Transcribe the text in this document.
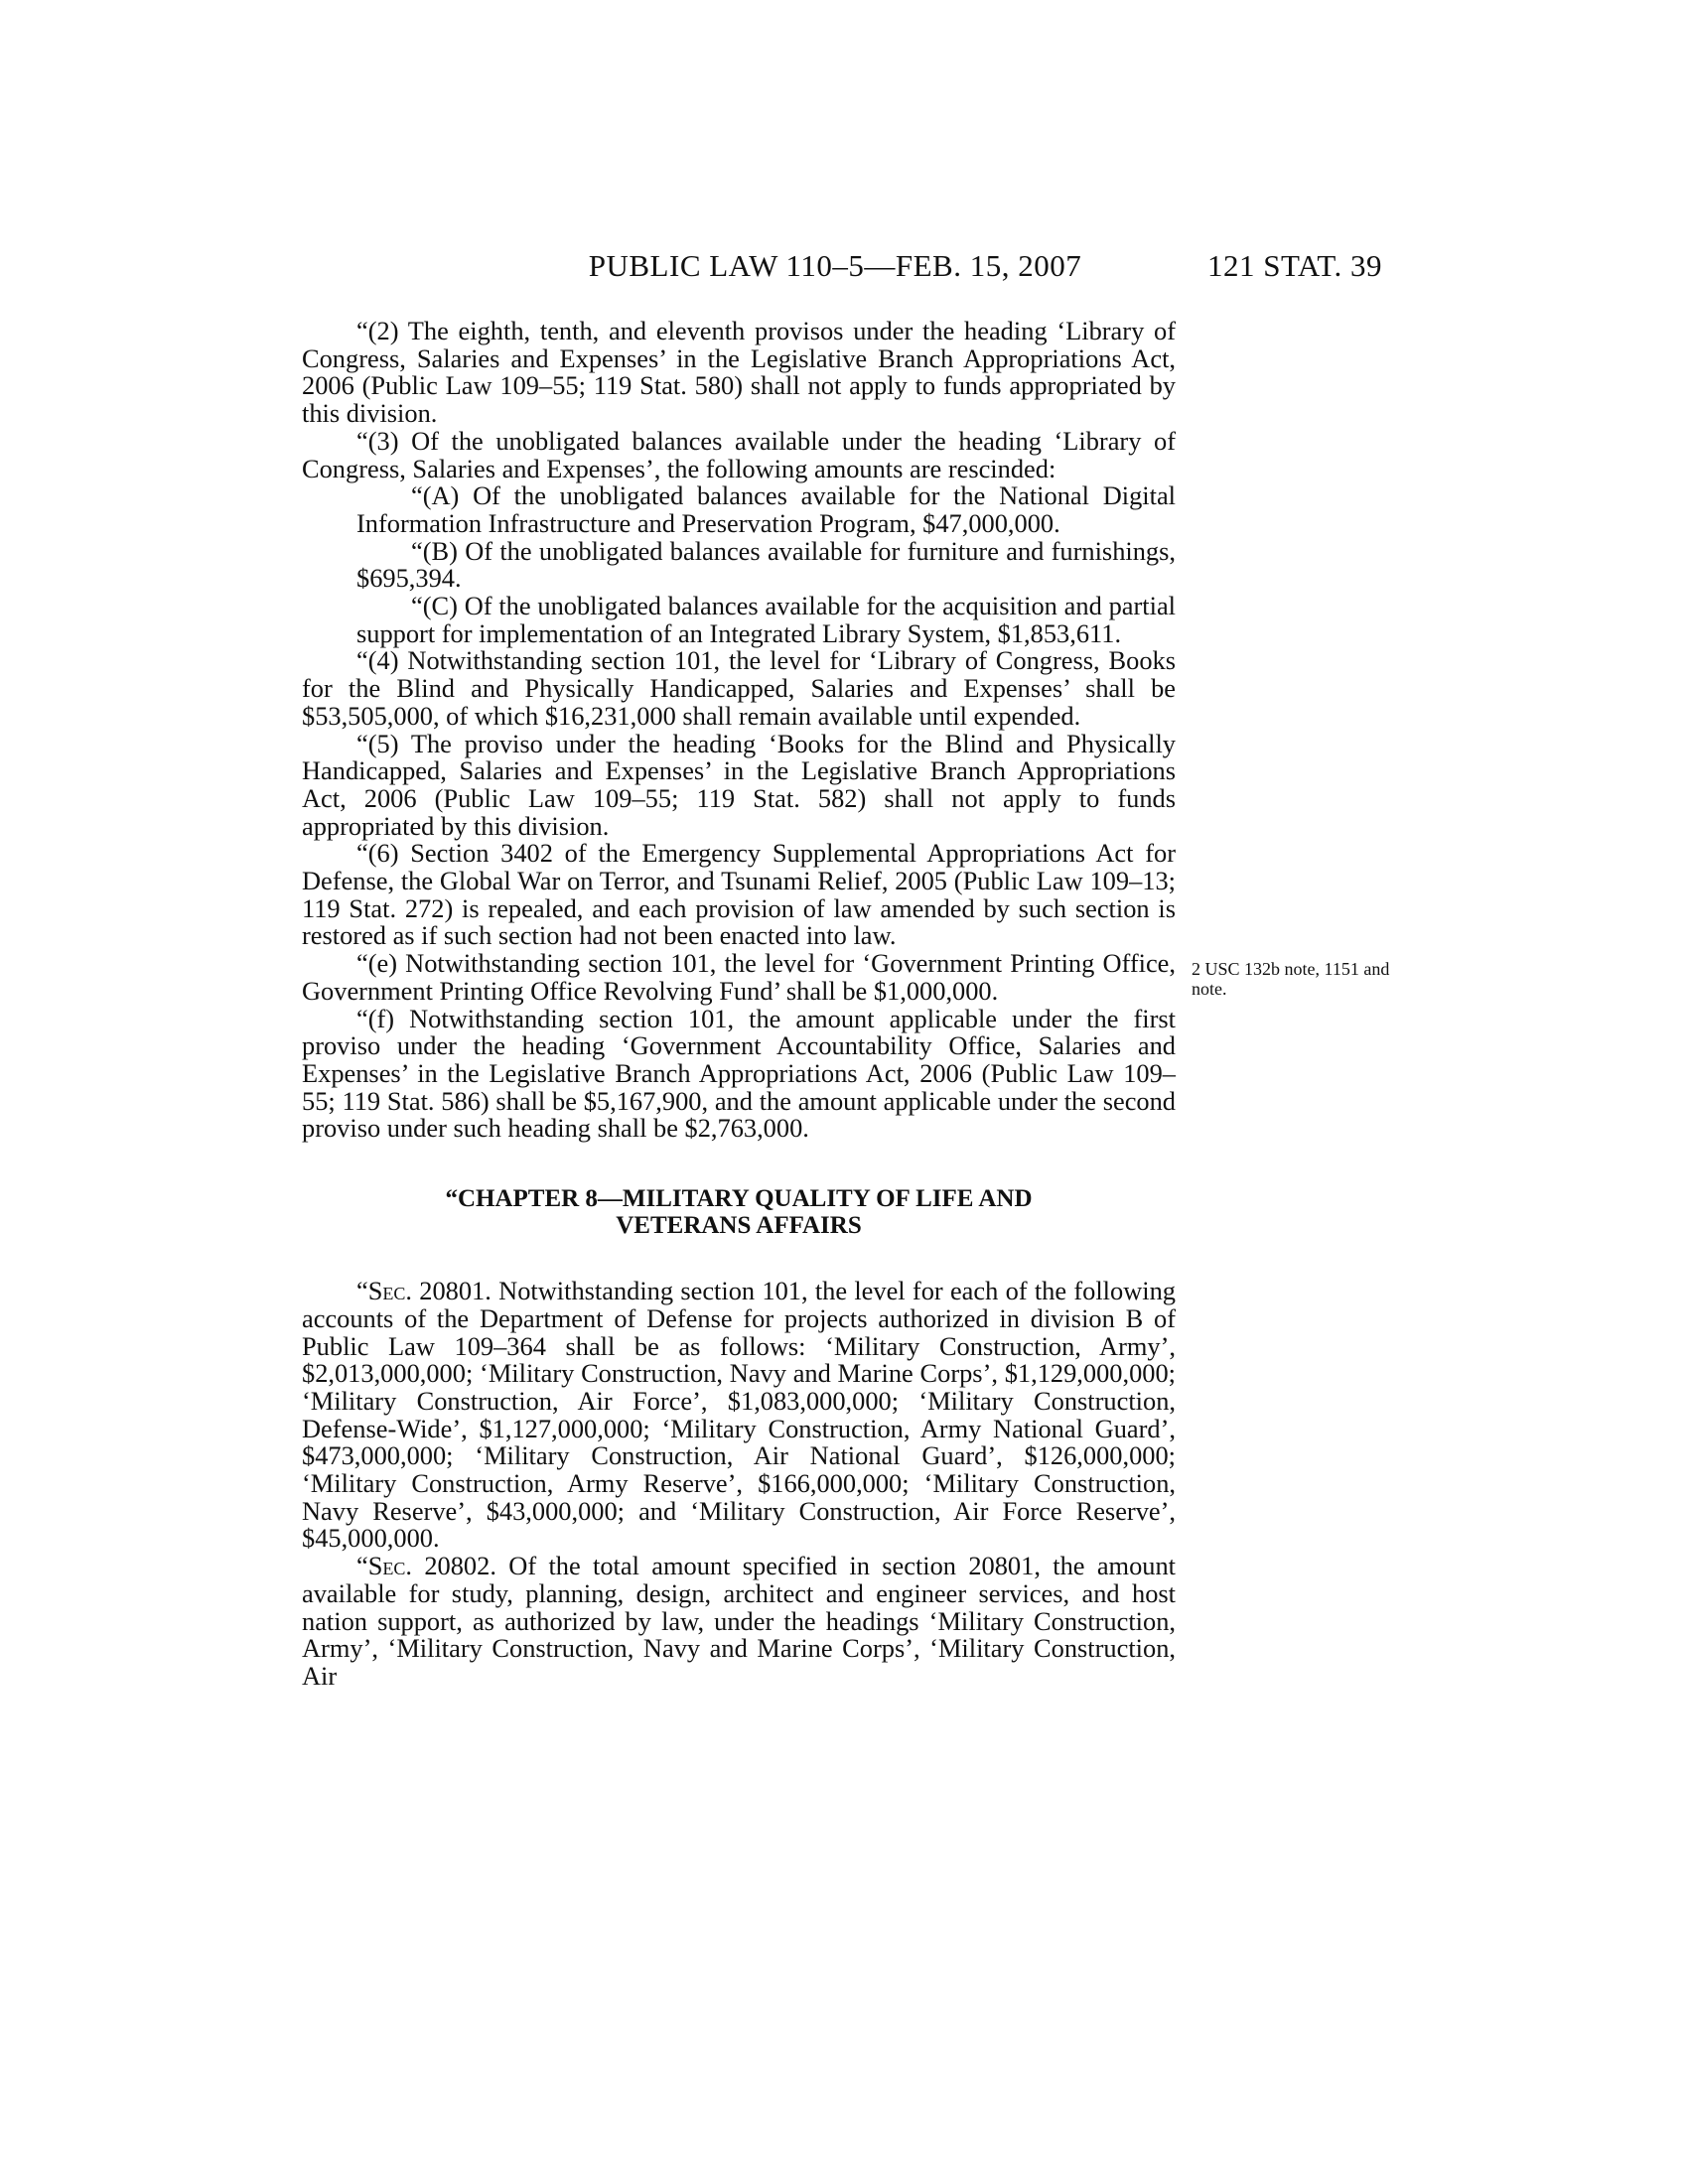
PUBLIC LAW 110–5—FEB. 15, 2007	121 STAT. 39

“(2) The eighth, tenth, and eleventh provisos under the heading ‘Library of Congress, Salaries and Expenses’ in the Legislative Branch Appropriations Act, 2006 (Public Law 109–55; 119 Stat. 580) shall not apply to funds appropriated by this division.

“(3) Of the unobligated balances available under the heading ‘Library of Congress, Salaries and Expenses’, the following amounts are rescinded:

“(A) Of the unobligated balances available for the National Digital Information Infrastructure and Preservation Program, $47,000,000.

“(B) Of the unobligated balances available for furniture and furnishings, $695,394.

“(C) Of the unobligated balances available for the acquisition and partial support for implementation of an Integrated Library System, $1,853,611.

“(4) Notwithstanding section 101, the level for ‘Library of Congress, Books for the Blind and Physically Handicapped, Salaries and Expenses’ shall be $53,505,000, of which $16,231,000 shall remain available until expended.

“(5) The proviso under the heading ‘Books for the Blind and Physically Handicapped, Salaries and Expenses’ in the Legislative Branch Appropriations Act, 2006 (Public Law 109–55; 119 Stat. 582) shall not apply to funds appropriated by this division.

“(6) Section 3402 of the Emergency Supplemental Appropriations Act for Defense, the Global War on Terror, and Tsunami Relief, 2005 (Public Law 109–13; 119 Stat. 272) is repealed, and each provision of law amended by such section is restored as if such section had not been enacted into law.

“(e) Notwithstanding section 101, the level for ‘Government Printing Office, Government Printing Office Revolving Fund’ shall be $1,000,000.

“(f) Notwithstanding section 101, the amount applicable under the first proviso under the heading ‘Government Accountability Office, Salaries and Expenses’ in the Legislative Branch Appropriations Act, 2006 (Public Law 109–55; 119 Stat. 586) shall be $5,167,900, and the amount applicable under the second proviso under such heading shall be $2,763,000.

“CHAPTER 8—MILITARY QUALITY OF LIFE AND
VETERANS AFFAIRS

“Sec. 20801. Notwithstanding section 101, the level for each of the following accounts of the Department of Defense for projects authorized in division B of Public Law 109–364 shall be as follows: ‘Military Construction, Army’, $2,013,000,000; ‘Military Construction, Navy and Marine Corps’, $1,129,000,000; ‘Military Construction, Air Force’, $1,083,000,000; ‘Military Construction, Defense-Wide’, $1,127,000,000; ‘Military Construction, Army National Guard’, $473,000,000; ‘Military Construction, Air National Guard’, $126,000,000; ‘Military Construction, Army Reserve’, $166,000,000; ‘Military Construction, Navy Reserve’, $43,000,000; and ‘Military Construction, Air Force Reserve’, $45,000,000.

“Sec. 20802. Of the total amount specified in section 20801, the amount available for study, planning, design, architect and engineer services, and host nation support, as authorized by law, under the headings ‘Military Construction, Army’, ‘Military Construction, Navy and Marine Corps’, ‘Military Construction, Air

2 USC 132b note, 1151 and note.
